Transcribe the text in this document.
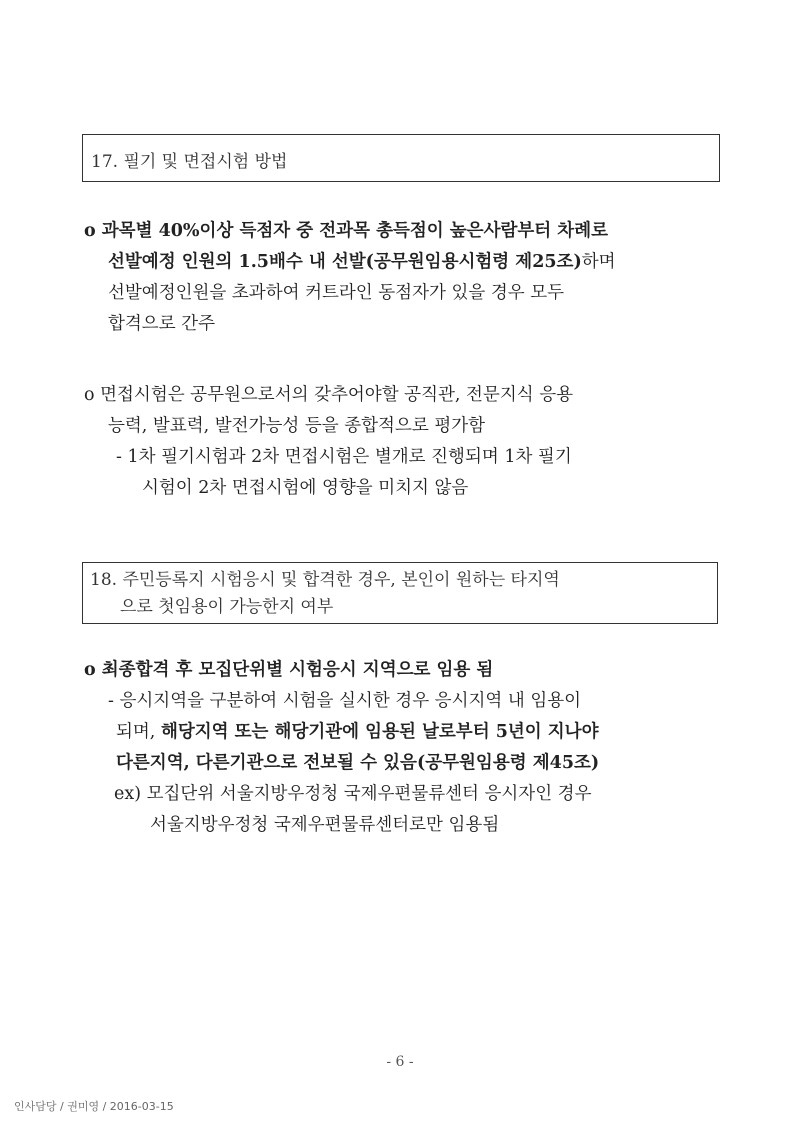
17. 필기 및 면접시험 방법
o 과목별 40%이상 득점자 중 전과목 총득점이 높은사람부터 차례로
선발예정 인원의 1.5배수 내 선발(공무원임용시험령 제25조)하며
선발예정인원을 초과하여 커트라인 동점자가 있을 경우 모두
합격으로 간주
o 면접시험은 공무원으로서의 갖추어야할 공직관, 전문지식 응용
능력, 발표력, 발전가능성 등을 종합적으로 평가함
- 1차 필기시험과 2차 면접시험은 별개로 진행되며 1차 필기
시험이 2차 면접시험에 영향을 미치지 않음
18. 주민등록지 시험응시 및 합격한 경우, 본인이 원하는 타지역
으로 첫임용이 가능한지 여부
o 최종합격 후 모집단위별 시험응시 지역으로 임용 됨
- 응시지역을 구분하여 시험을 실시한 경우 응시지역 내 임용이
되며, 해당지역 또는 해당기관에 임용된 날로부터 5년이 지나야
다른지역, 다른기관으로 전보될 수 있음(공무원임용령 제45조)
ex) 모집단위 서울지방우정청 국제우편물류센터 응시자인 경우
서울지방우정청 국제우편물류센터로만 임용됨
- 6 -
인사담당 / 권미영 / 2016-03-15
